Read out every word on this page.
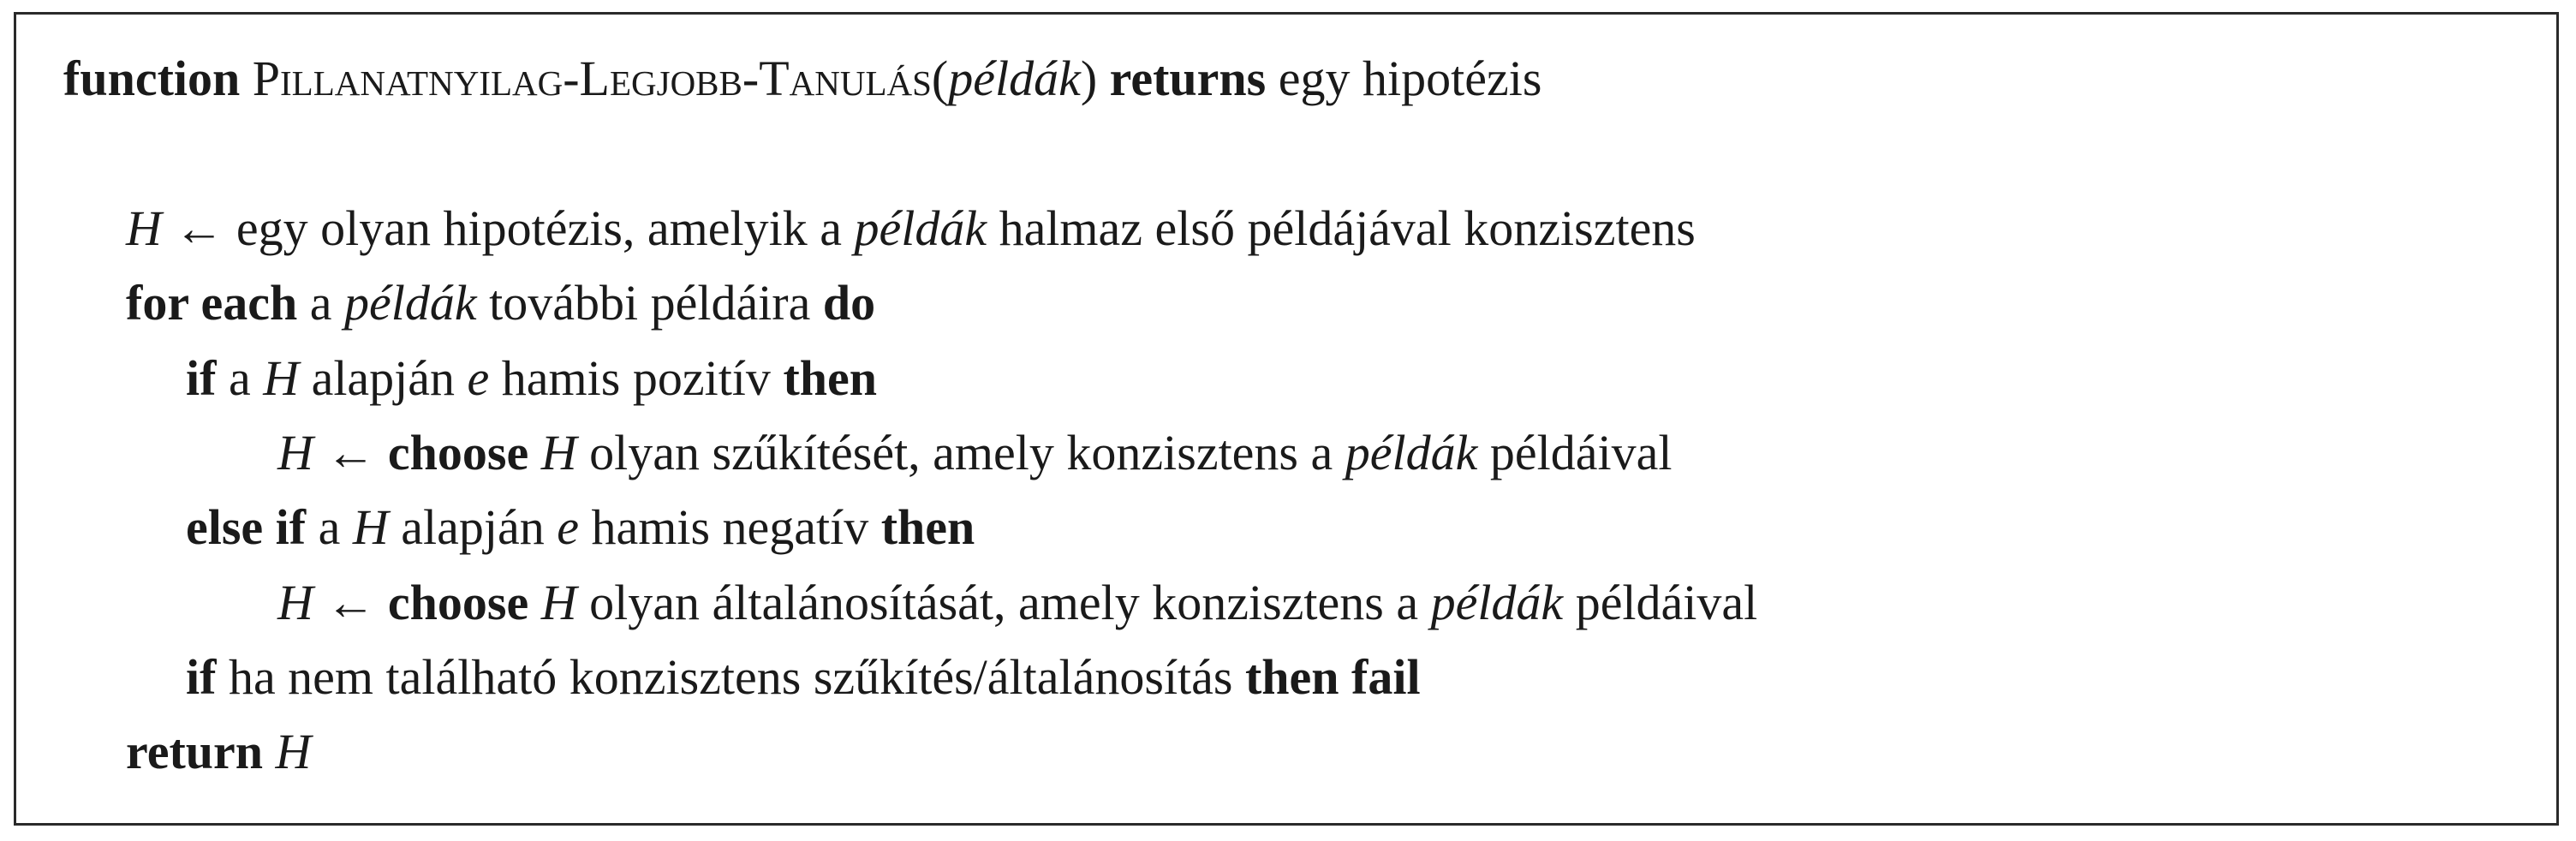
function Pillanatnyilag-Legjobb-Tanulás(példák) returns egy hipotézis
H ← egy olyan hipotézis, amelyik a példák halmaz első példájával konzisztens
for each a példák további példáira do
if a H alapján e hamis pozitív then
H ← choose H olyan szűkítését, amely konzisztens a példák példáival
else if a H alapján e hamis negatív then
H ← choose H olyan általánosítását, amely konzisztens a példák példáival
if ha nem található konzisztens szűkítés/általánosítás then fail
return H
